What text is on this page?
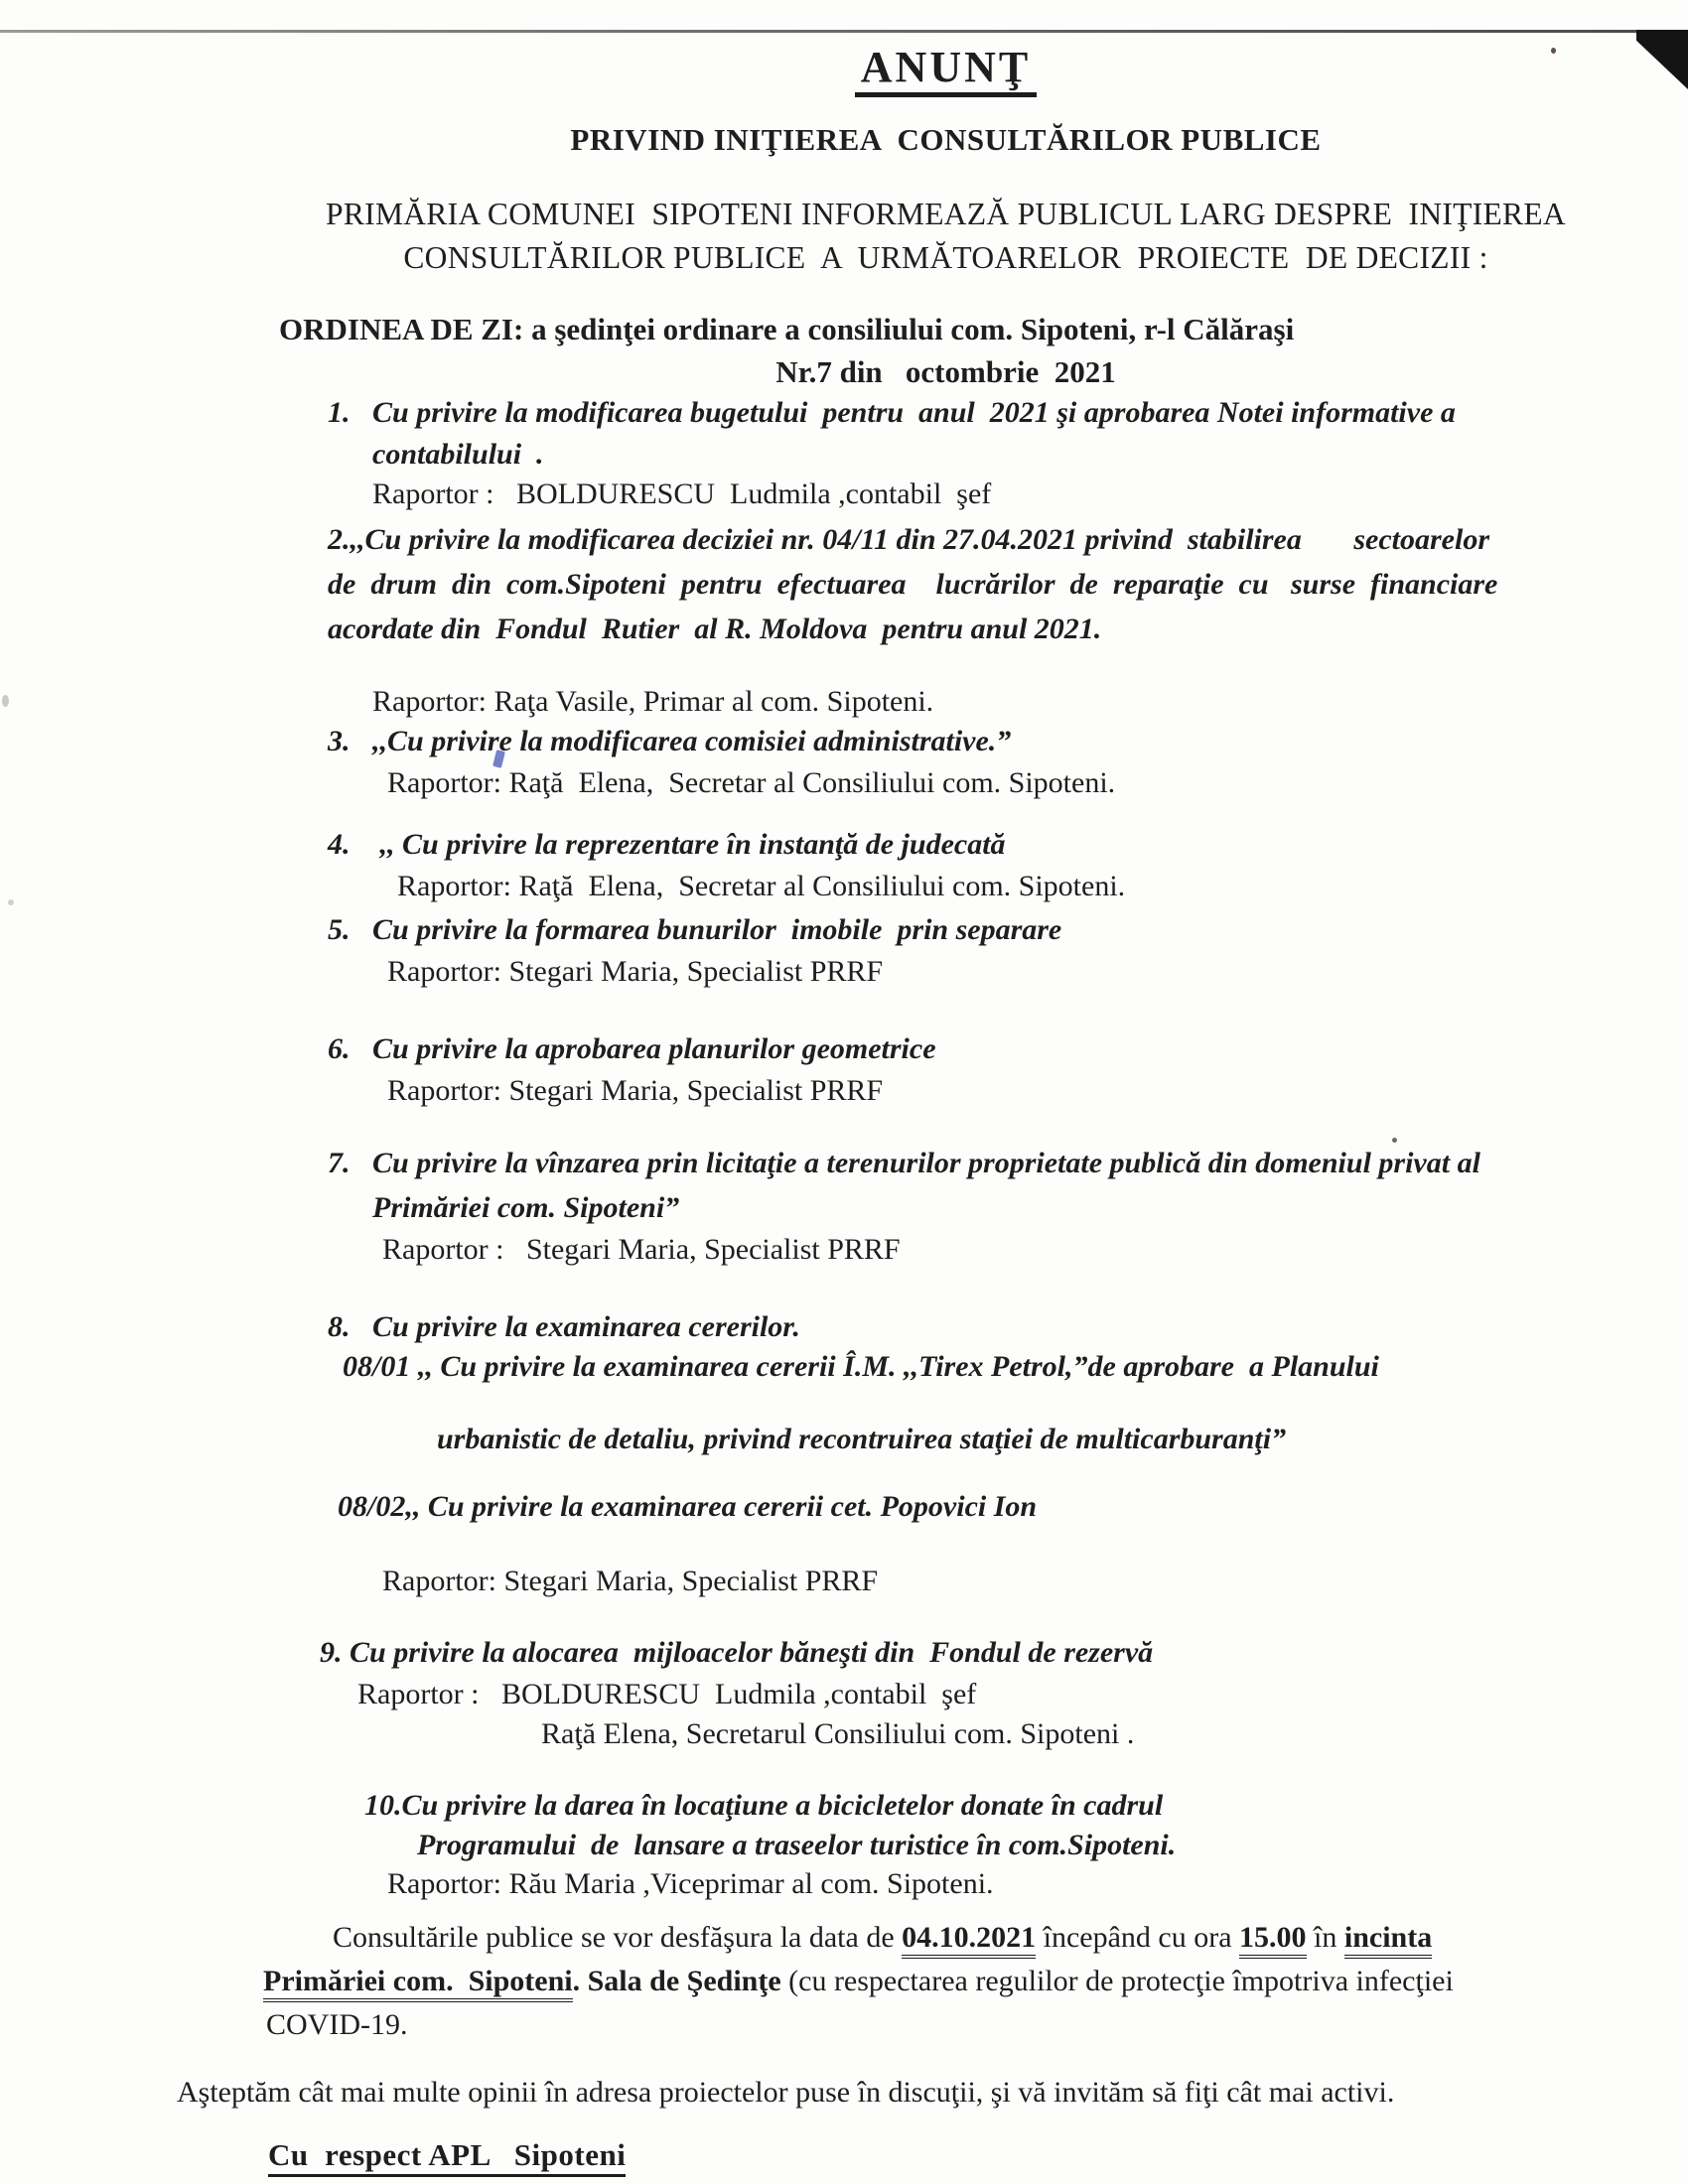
ANUNŢ
PRIVIND INIŢIEREA  CONSULTĂRILOR PUBLICE
PRIMĂRIA COMUNEI  SIPOTENI INFORMEAZĂ PUBLICUL LARG DESPRE  INIŢIEREA
CONSULTĂRILOR PUBLICE  A  URMĂTOARELOR  PROIECTE  DE DECIZII :
ORDINEA DE ZI: a şedinţei ordinare a consiliului com. Sipoteni, r-l Călăraşi
Nr.7 din   octombrie  2021
1.   Cu privire la modificarea bugetului  pentru  anul  2021 şi aprobarea Notei informative a
contabilului  .
Raportor :   BOLDURESCU  Ludmila ,contabil  şef
2.,,Cu privire la modificarea deciziei nr. 04/11 din 27.04.2021 privind  stabilirea       sectoarelor
de  drum  din  com.Sipoteni  pentru  efectuarea    lucrărilor  de  reparaţie  cu   surse  financiare
acordate din  Fondul  Rutier  al R. Moldova  pentru anul 2021.
Raportor: Raţa Vasile, Primar al com. Sipoteni.
3.   ,,Cu privire la modificarea comisiei administrative.”
Raportor: Raţă  Elena,  Secretar al Consiliului com. Sipoteni.
4.    ,, Cu privire la reprezentare în instanţă de judecată
Raportor: Raţă  Elena,  Secretar al Consiliului com. Sipoteni.
5.   Cu privire la formarea bunurilor  imobile  prin separare
Raportor: Stegari Maria, Specialist PRRF
6.   Cu privire la aprobarea planurilor geometrice
Raportor: Stegari Maria, Specialist PRRF
7.   Cu privire la vînzarea prin licitaţie a terenurilor proprietate publică din domeniul privat al
Primăriei com. Sipoteni”
Raportor :   Stegari Maria, Specialist PRRF
8.   Cu privire la examinarea cererilor.
08/01 ,, Cu privire la examinarea cererii Î.M. ,,Tirex Petrol,”de aprobare  a Planului
urbanistic de detaliu, privind recontruirea staţiei de multicarburanţi”
08/02,, Cu privire la examinarea cererii cet. Popovici Ion
Raportor: Stegari Maria, Specialist PRRF
9. Cu privire la alocarea  mijloacelor băneşti din  Fondul de rezervă
Raportor :   BOLDURESCU  Ludmila ,contabil  şef
Raţă Elena, Secretarul Consiliului com. Sipoteni .
10.Cu privire la darea în locaţiune a bicicletelor donate în cadrul
Programului  de  lansare a traseelor turistice în com.Sipoteni.
Raportor: Rău Maria ,Viceprimar al com. Sipoteni.
Consultările publice se vor desfăşura la data de 04.10.2021 începând cu ora 15.00 în incinta
Primăriei com.  Sipoteni. Sala de Şedinţe (cu respectarea regulilor de protecţie împotriva infecţiei
COVID-19.
Aşteptăm cât mai multe opinii în adresa proiectelor puse în discuţii, şi vă invităm să fiţi cât mai activi.
Cu  respect APL   Sipoteni
